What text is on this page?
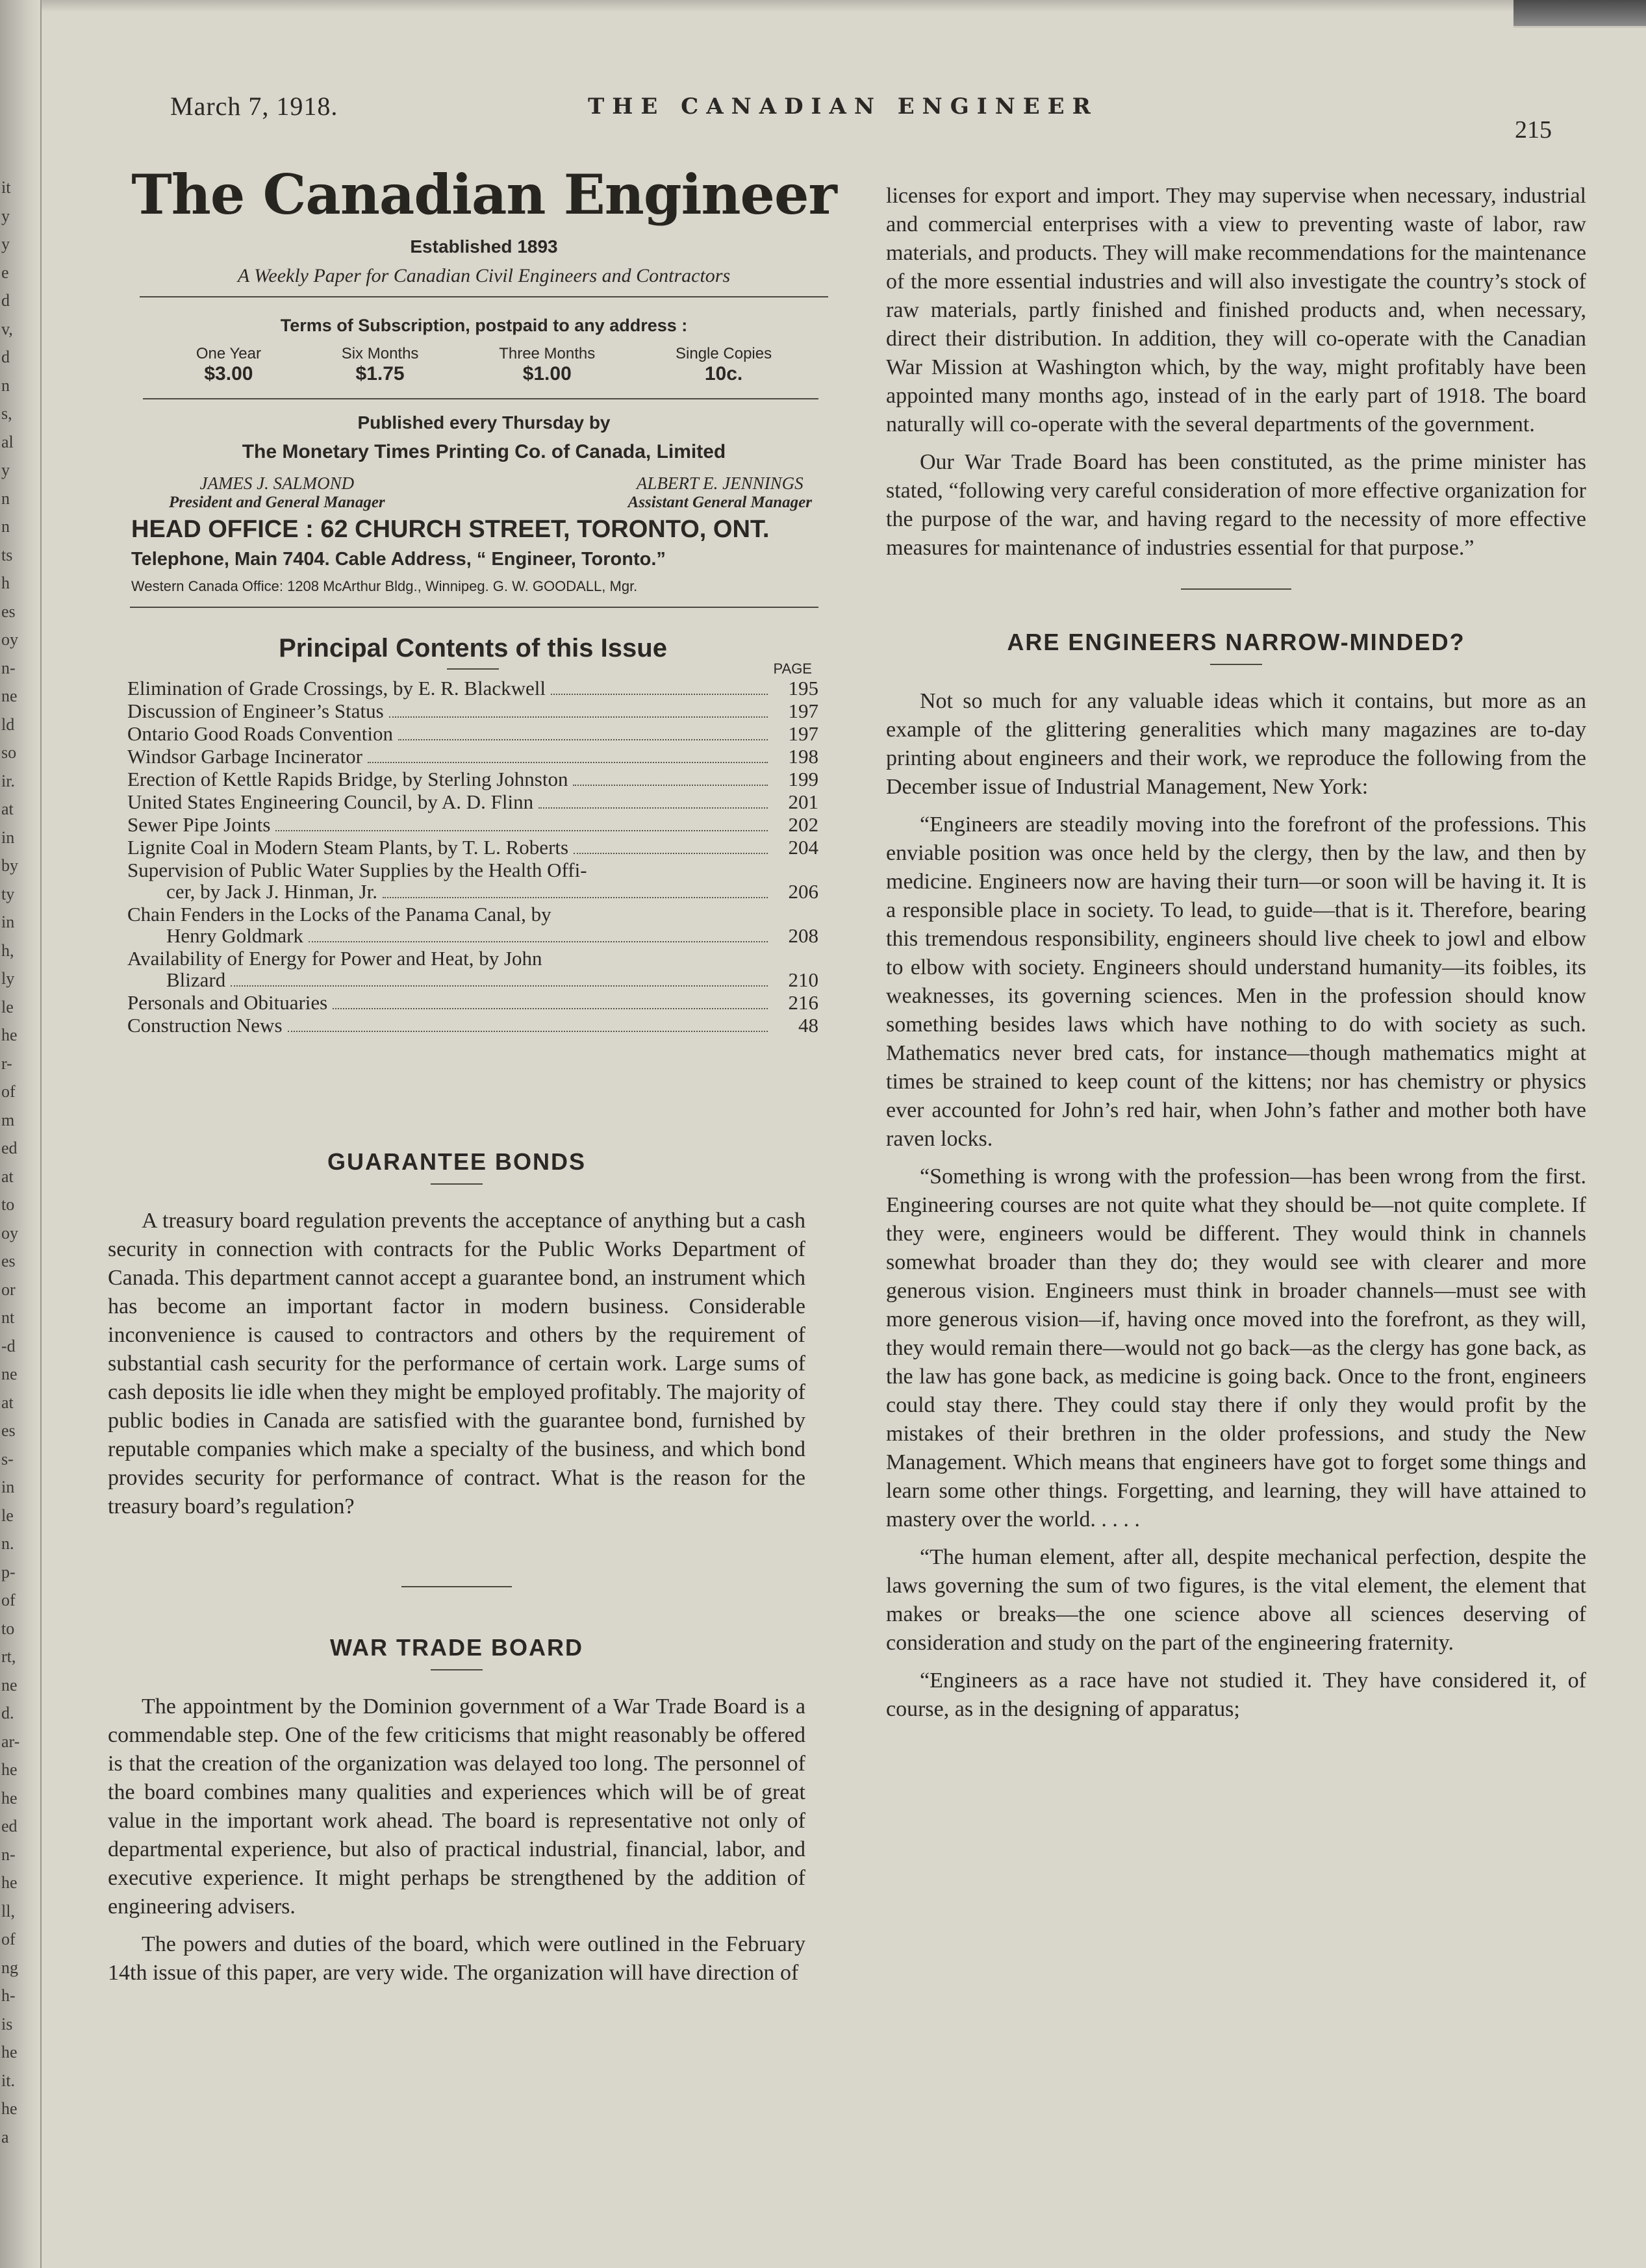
it
y
y
e
d
v,
d
n
s,
al
y
n
n
ts
h
es
oy
n-
ne
ld
so
ir.
at
in
by
ty
in
h,
ly
le
he
r-
of
m
ed
at
to
oy
es
or
nt
-d
ne
at
es
s-
in
le
n.
p-
of
to
rt,
ne
d.
ar-
he
he
ed
n-
he
ll,
of
ng
h-
is
he
it.
he
a
March 7, 1918.	THE CANADIAN ENGINEER
215
The Canadian Engineer
Established 1893
A Weekly Paper for Canadian Civil Engineers and Contractors
Terms of Subscription, postpaid to any address :
One Year
$3.00
Six Months
$1.75
Three Months
$1.00
Single Copies
10c.
Published every Thursday by
The Monetary Times Printing Co. of Canada, Limited
JAMES J. SALMOND
President and General Manager
ALBERT E. JENNINGS
Assistant General Manager
HEAD OFFICE : 62 CHURCH STREET, TORONTO, ONT.
Telephone, Main 7404. Cable Address, “ Engineer, Toronto.”
Western Canada Office: 1208 McArthur Bldg., Winnipeg. G. W. GOODALL, Mgr.
Principal Contents of this Issue
PAGE
Elimination of Grade Crossings, by E. R. Blackwell	195
Discussion of Engineer’s Status	197
Ontario Good Roads Convention	197
Windsor Garbage Incinerator	198
Erection of Kettle Rapids Bridge, by Sterling Johnston	199
United States Engineering Council, by A. D. Flinn	201
Sewer Pipe Joints	202
Lignite Coal in Modern Steam Plants, by T. L. Roberts	204
Supervision of Public Water Supplies by the Health Offi-
cer, by Jack J. Hinman, Jr.	206
Chain Fenders in the Locks of the Panama Canal, by
Henry Goldmark	208
Availability of Energy for Power and Heat, by John
Blizard	210
Personals and Obituaries	216
Construction News	48
GUARANTEE BONDS

A treasury board regulation prevents the acceptance of anything but a cash security in connection with contracts for the Public Works Department of Canada. This department cannot accept a guarantee bond, an instrument which has become an important factor in modern business. Considerable inconvenience is caused to contractors and others by the requirement of substantial cash security for the performance of certain work. Large sums of cash deposits lie idle when they might be employed profitably. The majority of public bodies in Canada are satisfied with the guarantee bond, furnished by reputable companies which make a specialty of the business, and which bond provides security for performance of contract. What is the reason for the treasury board’s regulation?

WAR TRADE BOARD

The appointment by the Dominion government of a War Trade Board is a commendable step. One of the few criticisms that might reasonably be offered is that the creation of the organization was delayed too long. The personnel of the board combines many qualities and experiences which will be of great value in the important work ahead. The board is representative not only of departmental experience, but also of practical industrial, financial, labor, and executive experience. It might perhaps be strengthened by the addition of engineering advisers.

The powers and duties of the board, which were outlined in the February 14th issue of this paper, are very wide. The organization will have direction of

licenses for export and import. They may supervise when necessary, industrial and commercial enterprises with a view to preventing waste of labor, raw materials, and products. They will make recommendations for the maintenance of the more essential industries and will also investigate the country’s stock of raw materials, partly finished and finished products and, when necessary, direct their distribution. In addition, they will co-operate with the Canadian War Mission at Washington which, by the way, might profitably have been appointed many months ago, instead of in the early part of 1918. The board naturally will co-operate with the several departments of the government.

Our War Trade Board has been constituted, as the prime minister has stated, “following very careful consideration of more effective organization for the purpose of the war, and having regard to the necessity of more effective measures for maintenance of industries essential for that purpose.”

ARE ENGINEERS NARROW-MINDED?

Not so much for any valuable ideas which it contains, but more as an example of the glittering generalities which many magazines are to-day printing about engineers and their work, we reproduce the following from the December issue of Industrial Management, New York:

“Engineers are steadily moving into the forefront of the professions. This enviable position was once held by the clergy, then by the law, and then by medicine. Engineers now are having their turn—or soon will be having it. It is a responsible place in society. To lead, to guide—that is it. Therefore, bearing this tremendous responsibility, engineers should live cheek to jowl and elbow to elbow with society. Engineers should understand humanity—its foibles, its weaknesses, its governing sciences. Men in the profession should know something besides laws which have nothing to do with society as such. Mathematics never bred cats, for instance—though mathematics might at times be strained to keep count of the kittens; nor has chemistry or physics ever accounted for John’s red hair, when John’s father and mother both have raven locks.

“Something is wrong with the profession—has been wrong from the first. Engineering courses are not quite what they should be—not quite complete. If they were, engineers would be different. They would think in channels somewhat broader than they do; they would see with clearer and more generous vision. Engineers must think in broader channels—must see with more generous vision—if, having once moved into the forefront, as they will, they would remain there—would not go back—as the clergy has gone back, as the law has gone back, as medicine is going back. Once to the front, engineers could stay there. They could stay there if only they would profit by the mistakes of their brethren in the older professions, and study the New Management. Which means that engineers have got to forget some things and learn some other things. Forgetting, and learning, they will have attained to mastery over the world. . . . .

“The human element, after all, despite mechanical perfection, despite the laws governing the sum of two figures, is the vital element, the element that makes or breaks—the one science above all sciences deserving of consideration and study on the part of the engineering fraternity.

“Engineers as a race have not studied it. They have considered it, of course, as in the designing of apparatus;
